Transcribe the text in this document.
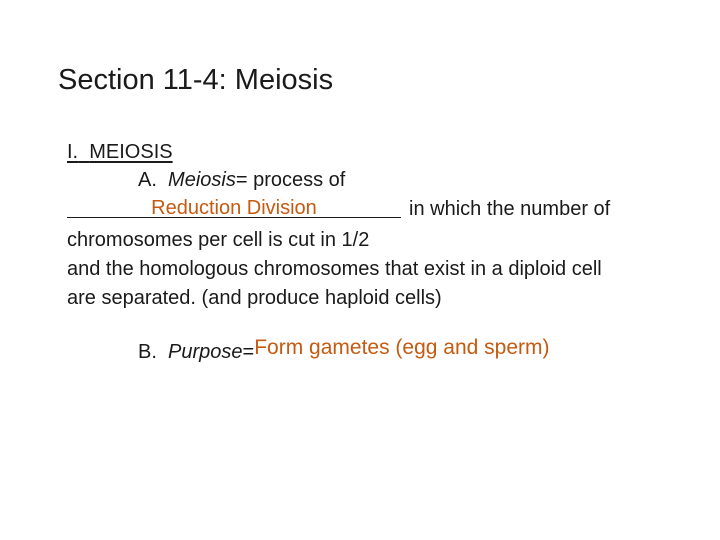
Section 11-4: Meiosis
I. MEIOSIS
A. Meiosis= process of
Reduction Division	in which the number of
chromosomes per cell is cut in 1/2
and the homologous chromosomes that exist in a diploid cell
are separated. (and produce haploid cells)
B. Purpose=Form gametes (egg and sperm)
